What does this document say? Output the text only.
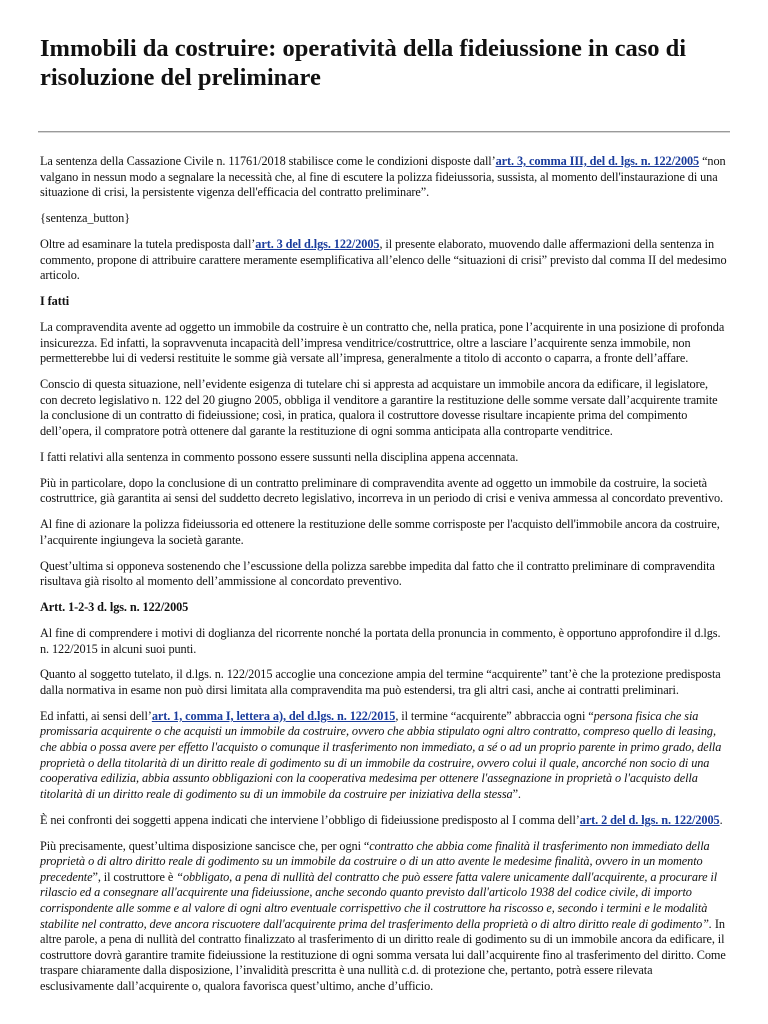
Immobili da costruire: operatività della fideiussione in caso di risoluzione del preliminare

La sentenza della Cassazione Civile n. 11761/2018 stabilisce come le condizioni disposte dall’art. 3, comma III, del d. lgs. n. 122/2005 “non valgano in nessun modo a segnalare la necessità che, al fine di escutere la polizza fideiussoria, sussista, al momento dell'instaurazione di una situazione di crisi, la persistente vigenza dell'efficacia del contratto preliminare”.

{sentenza_button}

Oltre ad esaminare la tutela predisposta dall’art. 3 del d.lgs. 122/2005, il presente elaborato, muovendo dalle affermazioni della sentenza in commento, propone di attribuire carattere meramente esemplificativa all’elenco delle “situazioni di crisi” previsto dal comma II del medesimo articolo.

I fatti

La compravendita avente ad oggetto un immobile da costruire è un contratto che, nella pratica, pone l’acquirente in una posizione di profonda insicurezza. Ed infatti, la sopravvenuta incapacità dell’impresa venditrice/costruttrice, oltre a lasciare l’acquirente senza immobile, non permetterebbe lui di vedersi restituite le somme già versate all’impresa, generalmente a titolo di acconto o caparra, a fronte dell’affare.

Conscio di questa situazione, nell’evidente esigenza di tutelare chi si appresta ad acquistare un immobile ancora da edificare, il legislatore, con decreto legislativo n. 122 del 20 giugno 2005, obbliga il venditore a garantire la restituzione delle somme versate dall’acquirente tramite la conclusione di un contratto di fideiussione; così, in pratica, qualora il costruttore dovesse risultare incapiente prima del compimento dell’opera, il compratore potrà ottenere dal garante la restituzione di ogni somma anticipata alla controparte venditrice.

I fatti relativi alla sentenza in commento possono essere sussunti nella disciplina appena accennata.

Più in particolare, dopo la conclusione di un contratto preliminare di compravendita avente ad oggetto un immobile da costruire, la società costruttrice, già garantita ai sensi del suddetto decreto legislativo, incorreva in un periodo di crisi e veniva ammessa al concordato preventivo.

Al fine di azionare la polizza fideiussoria ed ottenere la restituzione delle somme corrisposte per l'acquisto dell'immobile ancora da costruire, l’acquirente ingiungeva la società garante.

Quest’ultima si opponeva sostenendo che l’escussione della polizza sarebbe impedita dal fatto che il contratto preliminare di compravendita risultava già risolto al momento dell’ammissione al concordato preventivo.

Artt. 1-2-3 d. lgs. n. 122/2005

Al fine di comprendere i motivi di doglianza del ricorrente nonché la portata della pronuncia in commento, è opportuno approfondire il d.lgs. n. 122/2015 in alcuni suoi punti.

Quanto al soggetto tutelato, il d.lgs. n. 122/2015 accoglie una concezione ampia del termine “acquirente” tant’è che la protezione predisposta dalla normativa in esame non può dirsi limitata alla compravendita ma può estendersi, tra gli altri casi, anche ai contratti preliminari.

Ed infatti, ai sensi dell’art. 1, comma I, lettera a), del d.lgs. n. 122/2015, il termine “acquirente” abbraccia ogni “persona fisica che sia promissaria acquirente o che acquisti un immobile da costruire, ovvero che abbia stipulato ogni altro contratto, compreso quello di leasing, che abbia o possa avere per effetto l'acquisto o comunque il trasferimento non immediato, a sé o ad un proprio parente in primo grado, della proprietà o della titolarità di un diritto reale di godimento su di un immobile da costruire, ovvero colui il quale, ancorché non socio di una cooperativa edilizia, abbia assunto obbligazioni con la cooperativa medesima per ottenere l'assegnazione in proprietà o l'acquisto della titolarità di un diritto reale di godimento su di un immobile da costruire per iniziativa della stessa”.

È nei confronti dei soggetti appena indicati che interviene l’obbligo di fideiussione predisposto al I comma dell’art. 2 del d. lgs. n. 122/2005.

Più precisamente, quest’ultima disposizione sancisce che, per ogni “contratto che abbia come finalità il trasferimento non immediato della proprietà o di altro diritto reale di godimento su un immobile da costruire o di un atto avente le medesime finalità, ovvero in un momento precedente”, il costruttore è “obbligato, a pena di nullità del contratto che può essere fatta valere unicamente dall'acquirente, a procurare il rilascio ed a consegnare all'acquirente una fideiussione, anche secondo quanto previsto dall'articolo 1938 del codice civile, di importo corrispondente alle somme e al valore di ogni altro eventuale corrispettivo che il costruttore ha riscosso e, secondo i termini e le modalità stabilite nel contratto, deve ancora riscuotere dall'acquirente prima del trasferimento della proprietà o di altro diritto reale di godimento”. In altre parole, a pena di nullità del contratto finalizzato al trasferimento di un diritto reale di godimento su di un immobile ancora da edificare, il costruttore dovrà garantire tramite fideiussione la restituzione di ogni somma versata lui dall’acquirente fino al trasferimento del diritto. Come traspare chiaramente dalla disposizione, l’invalidità prescritta è una nullità c.d. di protezione che, pertanto, potrà essere rilevata esclusivamente dall’acquirente o, qualora favorisca quest’ultimo, anche d’ufficio.
